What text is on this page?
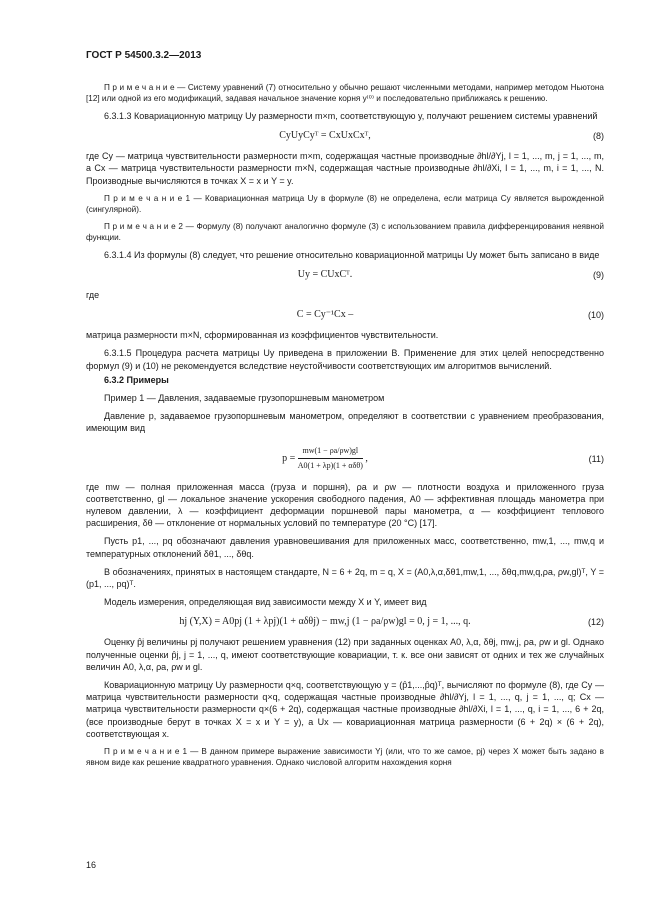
ГОСТ Р 54500.3.2—2013

П р и м е ч а н и е — Систему уравнений (7) относительно y обычно решают численными методами, например методом Ньютона [12] или одной из его модификаций, задавая начальное значение корня y⁽⁰⁾ и последовательно приближаясь к решению.

6.3.1.3 Ковариационную матрицу Uy размерности m×m, соответствующую y, получают решением системы уравнений

CyUyCyᵀ = CxUxCxᵀ,	(8)

где Cy — матрица чувствительности размерности m×m, содержащая частные производные ∂hl/∂Yj, l = 1, ..., m, j = 1, ..., m, а Cx — матрица чувствительности размерности m×N, содержащая частные производные ∂hl/∂Xi, l = 1, ..., m, i = 1, ..., N. Производные вычисляются в точках X = x и Y = y.

П р и м е ч а н и е 1 — Ковариационная матрица Uy в формуле (8) не определена, если матрица Cy является вырожденной (сингулярной).

П р и м е ч а н и е 2 — Формулу (8) получают аналогично формуле (3) с использованием правила дифференцирования неявной функции.

6.3.1.4 Из формулы (8) следует, что решение относительно ковариационной матрицы Uy может быть записано в виде

Uy = CUxCᵀ.	(9)

где

C = Cy⁻¹Cx –	(10)

матрица размерности m×N, сформированная из коэффициентов чувствительности.

6.3.1.5 Процедура расчета матрицы Uy приведена в приложении В. Применение для этих целей непосредственно формул (9) и (10) не рекомендуется вследствие неустойчивости соответствующих им алгоритмов вычислений.

6.3.2 Примеры

Пример 1 — Давления, задаваемые грузопоршневым манометром

Давление p, задаваемое грузопоршневым манометром, определяют в соответствии с уравнением преобразования, имеющим вид

$p = \frac{mw(1 - \rho a/\rho w)gl}{\text{A0(1 + λp)(1 + αδθ)}}$ ,	(11)

где mw — полная приложенная масса (груза и поршня), ρa и ρw — плотности воздуха и приложенного груза соответственно, gl — локальное значение ускорения свободного падения, A0 — эффективная площадь манометра при нулевом давлении, λ — коэффициент деформации поршневой пары манометра, α — коэффициент теплового расширения, δθ — отклонение от нормальных условий по температуре (20 °C) [17].

Пусть p1, ..., pq обозначают давления уравновешивания для приложенных масс, соответственно, mw,1, ..., mw,q и температурных отклонений δθ1, ..., δθq.

В обозначениях, принятых в настоящем стандарте, N = 6 + 2q, m = q, X = (A0,λ,α,δθ1,mw,1, ..., δθq,mw,q,ρa, ρw,gl)ᵀ, Y = (p1, ..., pq)ᵀ.

Модель измерения, определяющая вид зависимости между X и Y, имеет вид

hj (Y,X) = A0pj (1 + λpj)(1 + αδθj) − mw,j (1 − ρa/ρw)gl = 0, j = 1, ..., q.	(12)

Оценку p̂j величины pj получают решением уравнения (12) при заданных оценках A0, λ,α, δθj, mw,j, ρa, ρw и gl. Однако полученные оценки p̂j, j = 1, ..., q, имеют соответствующие ковариации, т. к. все они зависят от одних и тех же случайных величин A0, λ,α, ρa, ρw и gl.

Ковариационную матрицу Uy размерности q×q, соответствующую y = (p̂1,...,p̂q)ᵀ, вычисляют по формуле (8), где Cy — матрица чувствительности размерности q×q, содержащая частные производные ∂hl/∂Yj, l = 1, ..., q, j = 1, ..., q; Cx — матрица чувствительности размерности q×(6 + 2q), содержащая частные производные ∂hl/∂Xi, l = 1, ..., q, i = 1, ..., 6 + 2q, (все производные берут в точках X = x и Y = y), а Ux — ковариационная матрица размерности (6 + 2q) × (6 + 2q), соответствующая x.

П р и м е ч а н и е 1 — В данном примере выражение зависимости Yj (или, что то же самое, pj) через X может быть задано в явном виде как решение квадратного уравнения. Однако числовой алгоритм нахождения корня

16
